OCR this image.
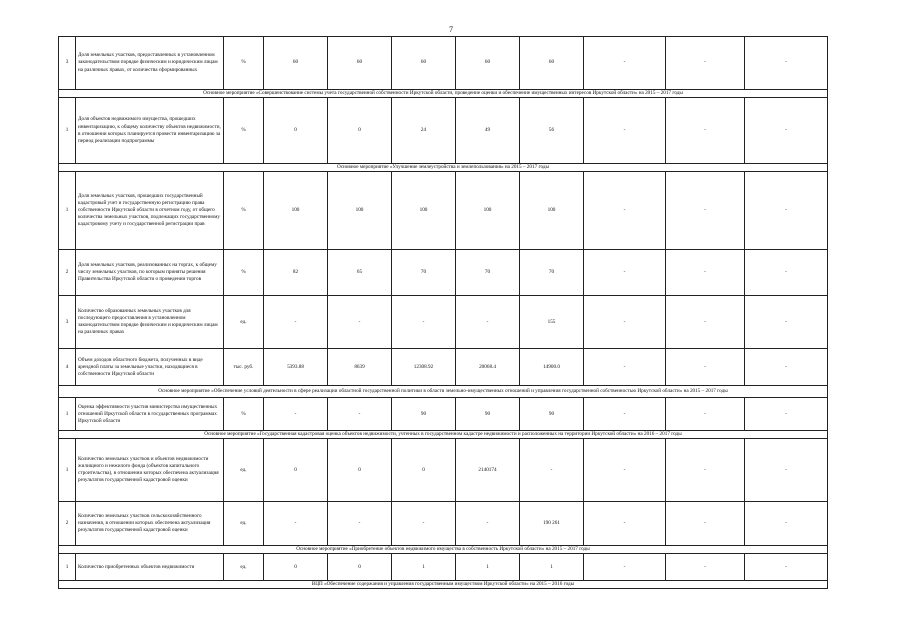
7
3	Доля земельных участков, предоставленных в установленном законодательством порядке физическим и юридическим лицам на различных правах, от количества сформированных	%	60	60	60	60	60	-	-	-
Основное мероприятие «Совершенствование системы учета государственной собственности Иркутской области, проведение оценки и обеспечение имущественных интересов Иркутской области» на 2015 – 2017 годы										
1	Доля объектов недвижимого имущества, прошедших инвентаризацию, к общему количеству объектов недвижимости, в отношении которых планируется провести инвентаризацию за период реализации подпрограммы	%	0	0	24	49	56	-	-	-
Основное мероприятие «Улучшение землеустройства и землепользования» на 2015 – 2017 годы										
1	Доля земельных участков, прошедших государственный кадастровый учет и государственную регистрацию права собственности Иркутской области в отчетном году, от общего количества земельных участков, подлежащих государственному кадастровому учету и государственной регистрации прав	%	100	100	100	100	100	-	-	-
2	Доля земельных участков, реализованных на торгах, к общему числу земельных участков, по которым приняты решения Правительства Иркутской области о проведении торгов	%	82	65	70	70	70	-	-	-
3	Количество образованных земельных участков для последующего предоставления в установленном законодательством порядке физическим и юридическим лицам на различных правах	ед.	-	-	-	-	155	-	-	-
4	Объем доходов областного бюджета, полученных в виде арендной платы за земельные участки, находящиеся в собственности Иркутской области	тыс. руб.	5393.88	8639	12308.92	20068.4	14900.0	-	-	-
Основное мероприятие «Обеспечение условий деятельности в сфере реализации областной государственной политики в области земельно-имущественных отношений и управления государственной собственностью Иркутской области» на 2015 – 2017 годы										
1	Оценка эффективности участия министерства имущественных отношений Иркутской области в государственных программах Иркутской области	%	-	-	90	90	90	-	-	-
Основное мероприятие «Государственная кадастровая оценка объектов недвижимости, учтенных в государственном кадастре недвижимости и расположенных на территории Иркутской области» на 2016 – 2017 годы										
1	Количество земельных участков и объектов недвижимости жилищного и нежилого фонда (объектов капитального строительства), в отношении которых обеспечена актуализация результатов государственной кадастровой оценки	ед.	0	0	0	2140174	-	-	-	-
2	Количество земельных участков сельскохозяйственного назначения, в отношении которых обеспечена актуализация результатов государственной кадастровой оценки	ед.	-	-	-	-	190 261	-	-	-
Основное мероприятие «Приобретение объектов недвижимого имущества в собственность Иркутской области» на 2015 – 2017 годы										
1	Количество приобретенных объектов недвижимости	ед.	0	0	1	1	1	-	-	-
ВЦП «Обеспечение содержания и управления государственным имуществом Иркутской области» на 2015 – 2016 годы										
